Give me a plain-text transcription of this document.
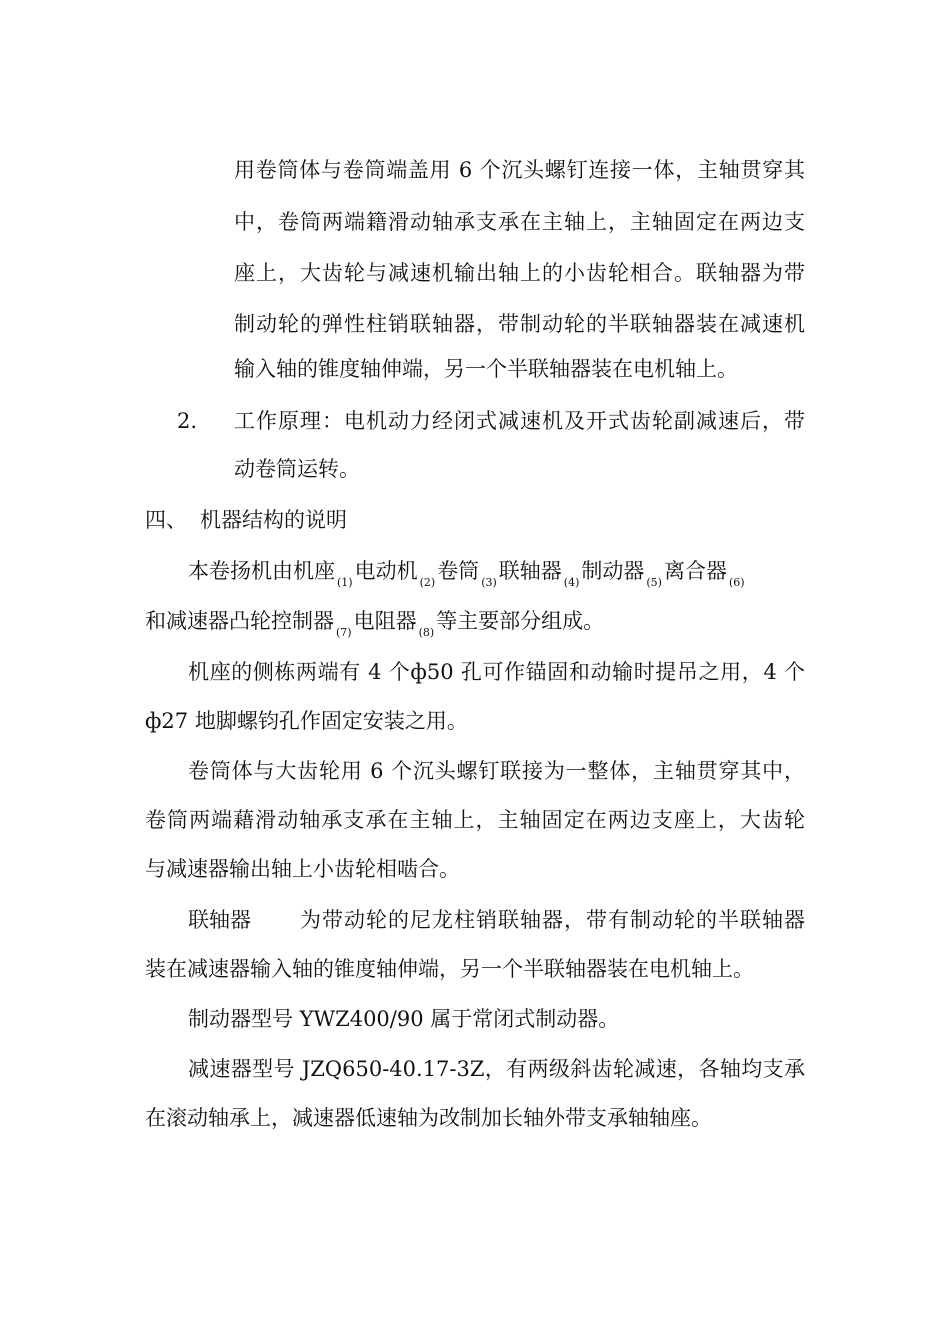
用卷筒体与卷筒端盖用 6 个沉头螺钉连接一体，主轴贯穿其
中，卷筒两端籍滑动轴承支承在主轴上，主轴固定在两边支
座上，大齿轮与减速机输出轴上的小齿轮相合。联轴器为带
制动轮的弹性柱销联轴器，带制动轮的半联轴器装在减速机
输入轴的锥度轴伸端，另一个半联轴器装在电机轴上。
2. 工作原理：电机动力经闭式减速机及开式齿轮副减速后，带
动卷筒运转。
四、 机器结构的说明
本卷扬机由机座 $_{(1)}$电动机 $_{(2)}$卷筒 $_{(3)}$联轴器 $_{(4)}$制动器 $_{(5)}$离合器 $_{(6)}$
和减速器凸轮控制器 $_{(7)}$电阻器 $_{(8)}$等主要部分组成。
机座的侧栋两端有 4 个ф50 孔可作锚固和动输时提吊之用，4 个
ф27 地脚螺钧孔作固定安装之用。
卷筒体与大齿轮用 6 个沉头螺钉联接为一整体，主轴贯穿其中，
卷筒两端藉滑动轴承支承在主轴上，主轴固定在两边支座上，大齿轮
与减速器输出轴上小齿轮相啮合。
联轴器 为带动轮的尼龙柱销联轴器，带有制动轮的半联轴器
装在减速器输入轴的锥度轴伸端，另一个半联轴器装在电机轴上。
制动器型号 YWZ400/90 属于常闭式制动器。
减速器型号 JZQ650-40.17-3Z，有两级斜齿轮减速，各轴均支承
在滚动轴承上，减速器低速轴为改制加长轴外带支承轴轴座。
